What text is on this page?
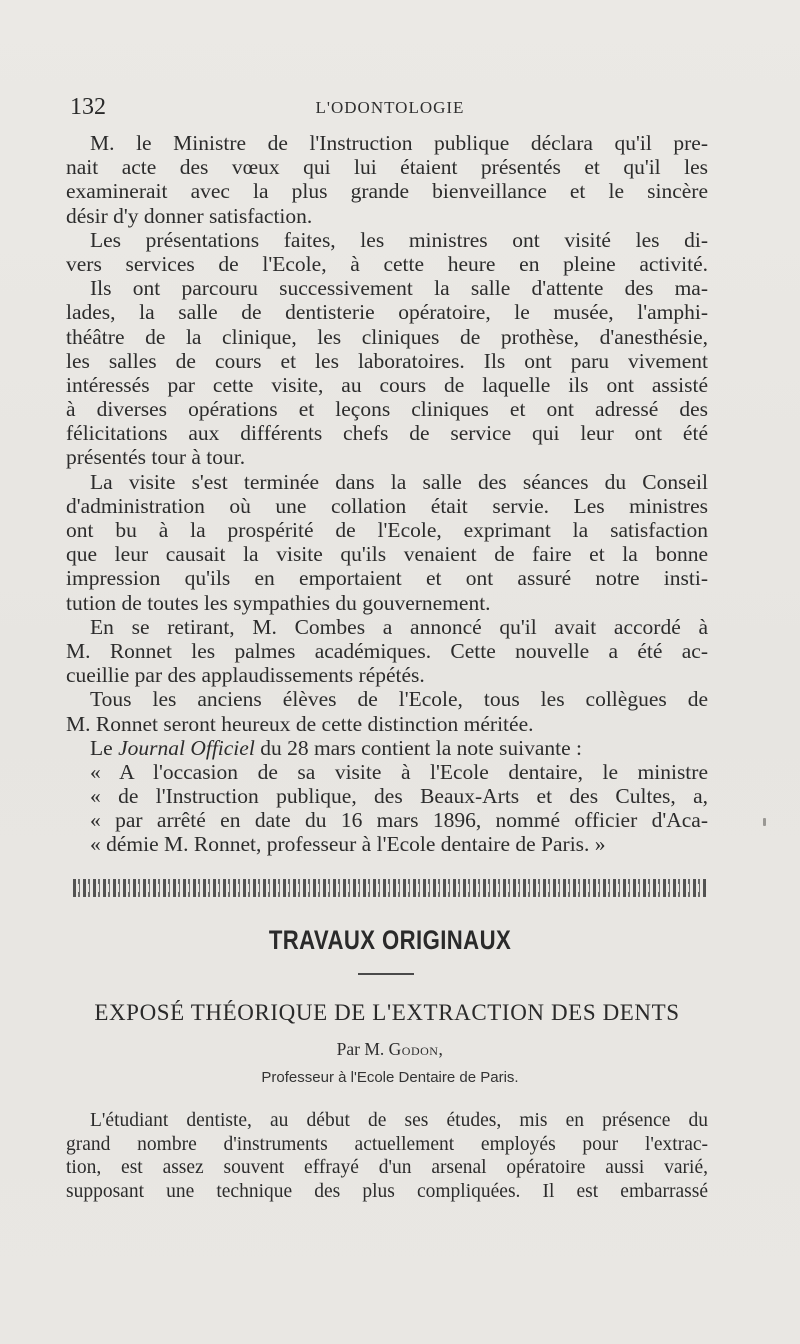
132	L'ODONTOLOGIE
M. le Ministre de l'Instruction publique déclara qu'il pre-
nait acte des vœux qui lui étaient présentés et qu'il les
examinerait avec la plus grande bienveillance et le sincère
désir d'y donner satisfaction.
Les présentations faites, les ministres ont visité les di-
vers services de l'Ecole, à cette heure en pleine activité.
Ils ont parcouru successivement la salle d'attente des ma-
lades, la salle de dentisterie opératoire, le musée, l'amphi-
théâtre de la clinique, les cliniques de prothèse, d'anesthésie,
les salles de cours et les laboratoires. Ils ont paru vivement
intéressés par cette visite, au cours de laquelle ils ont assisté
à diverses opérations et leçons cliniques et ont adressé des
félicitations aux différents chefs de service qui leur ont été
présentés tour à tour.
La visite s'est terminée dans la salle des séances du Conseil
d'administration où une collation était servie. Les ministres
ont bu à la prospérité de l'Ecole, exprimant la satisfaction
que leur causait la visite qu'ils venaient de faire et la bonne
impression qu'ils en emportaient et ont assuré notre insti-
tution de toutes les sympathies du gouvernement.
En se retirant, M. Combes a annoncé qu'il avait accordé à
M. Ronnet les palmes académiques. Cette nouvelle a été ac-
cueillie par des applaudissements répétés.
Tous les anciens élèves de l'Ecole, tous les collègues de
M. Ronnet seront heureux de cette distinction méritée.
Le Journal Officiel du 28 mars contient la note suivante :
« A l'occasion de sa visite à l'Ecole dentaire, le ministre
« de l'Instruction publique, des Beaux-Arts et des Cultes, a,
« par arrêté en date du 16 mars 1896, nommé officier d'Aca-
« démie M. Ronnet, professeur à l'Ecole dentaire de Paris. »
TRAVAUX ORIGINAUX
EXPOSÉ THÉORIQUE DE L'EXTRACTION DES DENTS
Par M. Godon,
Professeur à l'Ecole Dentaire de Paris.
L'étudiant dentiste, au début de ses études, mis en présence du
grand nombre d'instruments actuellement employés pour l'extrac-
tion, est assez souvent effrayé d'un arsenal opératoire aussi varié,
supposant une technique des plus compliquées. Il est embarrassé
